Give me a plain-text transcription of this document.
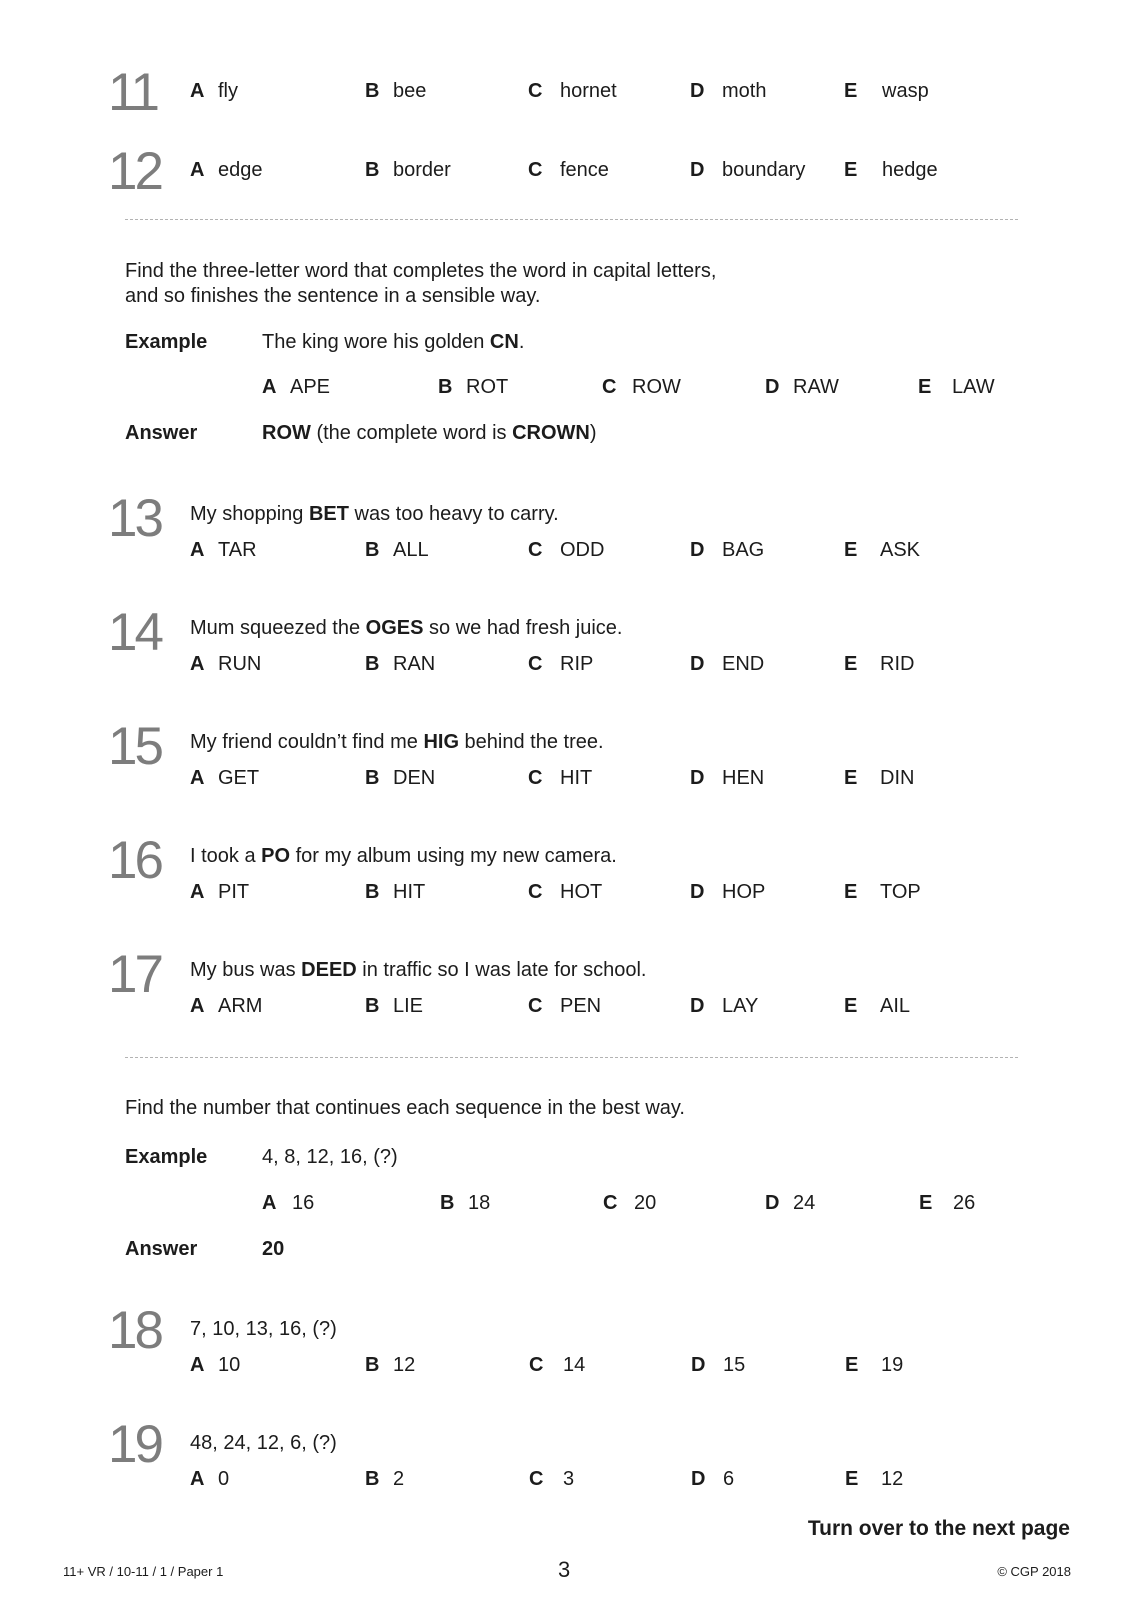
11	A fly	B bee	C hornet	D moth	E wasp
12	A edge	B border	C fence	D boundary E hedge
Find the three-letter word that completes the word in capital letters,
and so finishes the sentence in a sensible way.
Example	The king wore his golden CN.
A APE	B ROT	C ROW	D RAW	E LAW
Answer	ROW (the complete word is CROWN)
13	My shopping BET was too heavy to carry.
A TAR	B ALL	C ODD	D BAG	E ASK
14	Mum squeezed the OGES so we had fresh juice.
A RUN	B RAN	C RIP	D END	E RID
15	My friend couldn’t find me HIG behind the tree.
A GET	B DEN	C HIT	D HEN	E DIN
16	I took a PO for my album using my new camera.
A PIT	B HIT	C HOT	D HOP	E TOP
17	My bus was DEED in traffic so I was late for school.
A ARM	B LIE	C PEN	D LAY	E AIL
Find the number that continues each sequence in the best way.
Example	4, 8, 12, 16, (?)
A 16	B 18	C 20	D 24	E 26
Answer	20
18	7, 10, 13, 16, (?)
A 10	B 12	C 14	D 15	E 19
19	48, 24, 12, 6, (?)
A 0	B 2	C 3	D 6	E 12
Turn over to the next page
11+ VR / 10-11 / 1 / Paper 1	3	© CGP 2018
